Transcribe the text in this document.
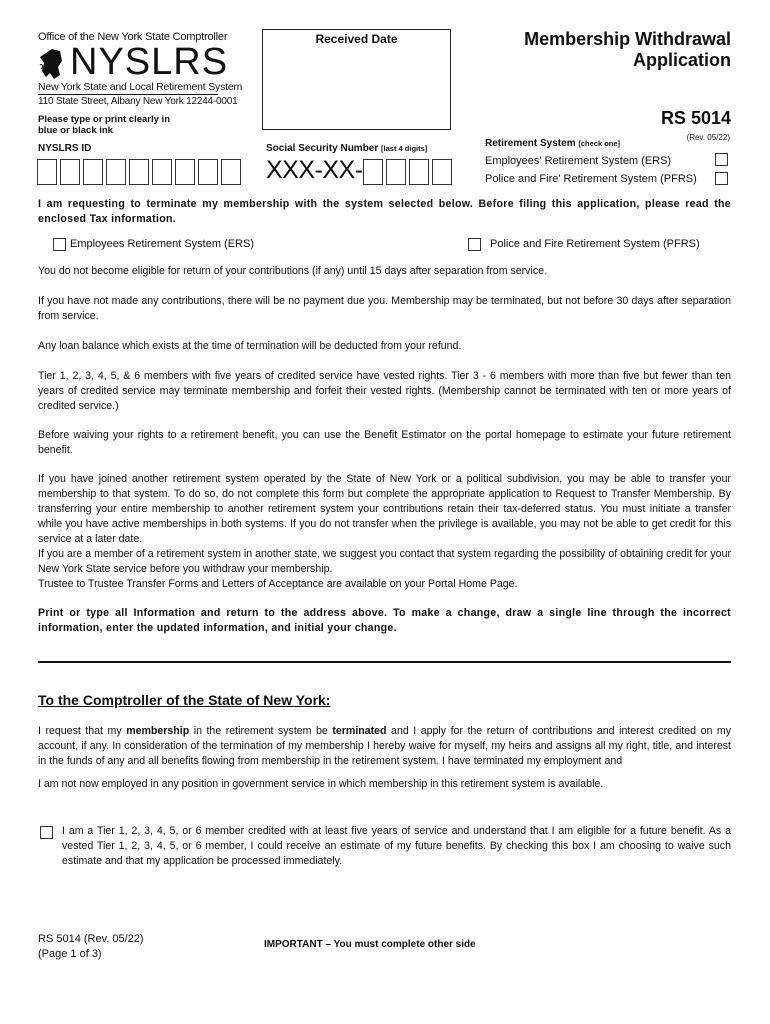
Office of the New York State Comptroller
NYSLRS
New York State and Local Retirement System
110 State Street, Albany New York 12244-0001
Please type or print clearly in blue or black ink
Received Date	Membership Withdrawal Application
RS 5014
(Rev. 05/22)
NYSLRS ID	Social Security Number [last 4 digits]
XXX-XX-
Retirement System [check one]
Employees' Retirement System (ERS)
Police and Fire' Retirement System (PFRS)
I am requesting to terminate my membership with the system selected below. Before filing this application, please read the enclosed Tax information.
Employees Retirement System (ERS)	Police and Fire Retirement System (PFRS)
You do not become eligible for return of your contributions (if any) until 15 days after separation from service.
If you have not made any contributions, there will be no payment due you. Membership may be terminated, but not before 30 days after separation from service.
Any loan balance which exists at the time of termination will be deducted from your refund.
Tier 1, 2, 3, 4, 5, & 6 members with five years of credited service have vested rights. Tier 3 - 6 members with more than five but fewer than ten years of credited service may terminate membership and forfeit their vested rights. (Membership cannot be terminated with ten or more years of credited service.)
Before waiving your rights to a retirement benefit, you can use the Benefit Estimator on the portal homepage to estimate your future retirement benefit.
If you have joined another retirement system operated by the State of New York or a political subdivision, you may be able to transfer your membership to that system. To do so, do not complete this form but complete the appropriate application to Request to Transfer Membership. By transferring your entire membership to another retirement system your contributions retain their tax-deferred status. You must initiate a transfer while you have active memberships in both systems. If you do not transfer when the privilege is available, you may not be able to get credit for this service at a later date.
If you are a member of a retirement system in another state, we suggest you contact that system regarding the possibility of obtaining credit for your New York State service before you withdraw your membership.
Trustee to Trustee Transfer Forms and Letters of Acceptance are available on your Portal Home Page.
Print or type all Information and return to the address above. To make a change, draw a single line through the incorrect information, enter the updated information, and initial your change.
To the Comptroller of the State of New York:
I request that my membership in the retirement system be terminated and I apply for the return of contributions and interest credited on my account, if any. In consideration of the termination of my membership I hereby waive for myself, my heirs and assigns all my right, title, and interest in the funds of any and all benefits flowing from membership in the retirement system. I have terminated my employment and
I am not now employed in any position in government service in which membership in this retirement system is available.
I am a Tier 1, 2, 3, 4, 5, or 6 member credited with at least five years of service and understand that I am eligible for a future benefit. As a vested Tier 1, 2, 3, 4, 5, or 6 member, I could receive an estimate of my future benefits. By checking this box I am choosing to waive such estimate and that my application be processed immediately.
RS 5014 (Rev. 05/22)
(Page 1 of 3)
IMPORTANT – You must complete other side
